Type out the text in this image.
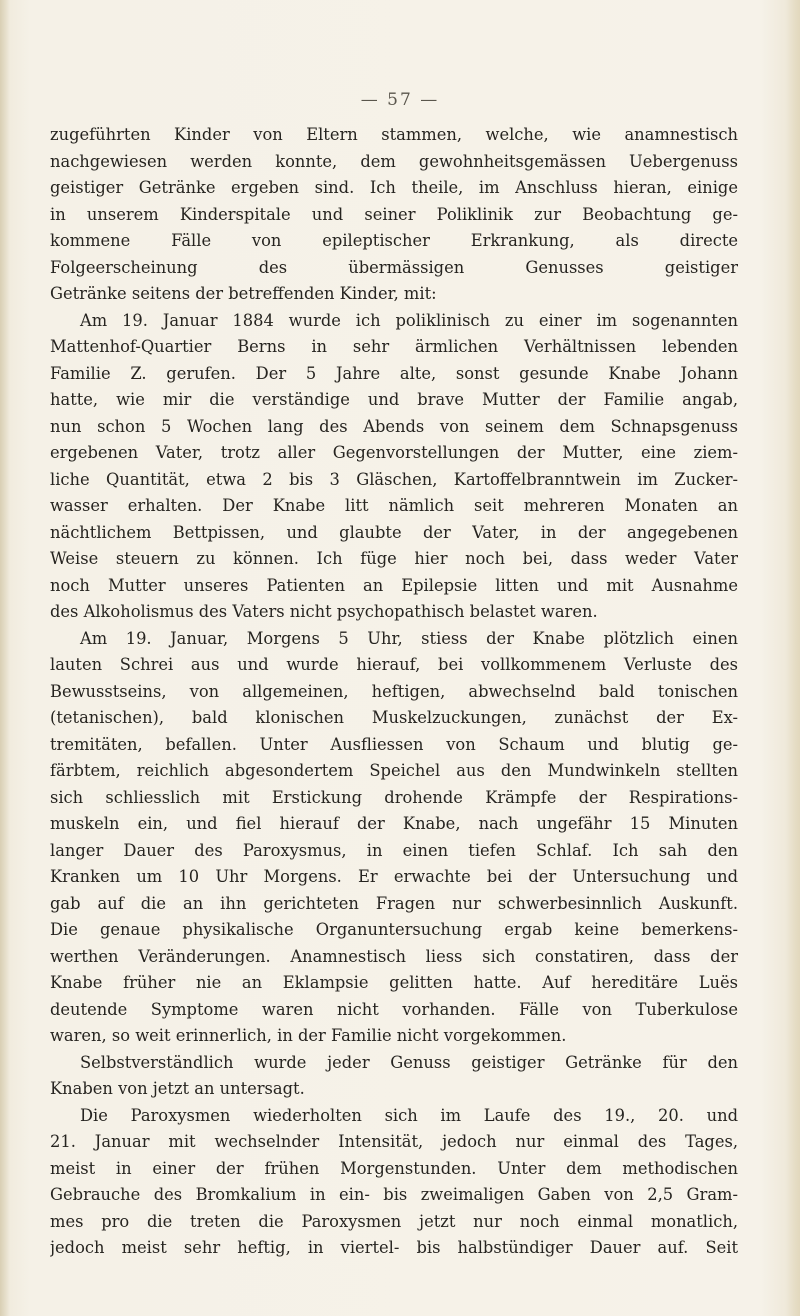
— 57 —
zugeführten Kinder von Eltern stammen, welche, wie anamnestisch
nachgewiesen werden konnte, dem gewohnheitsgemässen Uebergenuss
geistiger Getränke ergeben sind. Ich theile, im Anschluss hieran, einige
in unserem Kinderspitale und seiner Poliklinik zur Beobachtung ge-
kommene Fälle von epileptischer Erkrankung, als directe
Folgeerscheinung des übermässigen Genusses geistiger
Getränke seitens der betreffenden Kinder, mit:
Am 19. Januar 1884 wurde ich poliklinisch zu einer im sogenannten
Mattenhof-Quartier Berns in sehr ärmlichen Verhältnissen lebenden
Familie Z. gerufen. Der 5 Jahre alte, sonst gesunde Knabe Johann
hatte, wie mir die verständige und brave Mutter der Familie angab,
nun schon 5 Wochen lang des Abends von seinem dem Schnapsgenuss
ergebenen Vater, trotz aller Gegenvorstellungen der Mutter, eine ziem-
liche Quantität, etwa 2 bis 3 Gläschen, Kartoffelbranntwein im Zucker-
wasser erhalten. Der Knabe litt nämlich seit mehreren Monaten an
nächtlichem Bettpissen, und glaubte der Vater, in der angegebenen
Weise steuern zu können. Ich füge hier noch bei, dass weder Vater
noch Mutter unseres Patienten an Epilepsie litten und mit Ausnahme
des Alkoholismus des Vaters nicht psychopathisch belastet waren.
Am 19. Januar, Morgens 5 Uhr, stiess der Knabe plötzlich einen
lauten Schrei aus und wurde hierauf, bei vollkommenem Verluste des
Bewusstseins, von allgemeinen, heftigen, abwechselnd bald tonischen
(tetanischen), bald klonischen Muskelzuckungen, zunächst der Ex-
tremitäten, befallen. Unter Ausfliessen von Schaum und blutig ge-
färbtem, reichlich abgesondertem Speichel aus den Mundwinkeln stellten
sich schliesslich mit Erstickung drohende Krämpfe der Respirations-
muskeln ein, und fiel hierauf der Knabe, nach ungefähr 15 Minuten
langer Dauer des Paroxysmus, in einen tiefen Schlaf. Ich sah den
Kranken um 10 Uhr Morgens. Er erwachte bei der Untersuchung und
gab auf die an ihn gerichteten Fragen nur schwerbesinnlich Auskunft.
Die genaue physikalische Organuntersuchung ergab keine bemerkens-
werthen Veränderungen. Anamnestisch liess sich constatiren, dass der
Knabe früher nie an Eklampsie gelitten hatte. Auf hereditäre Luës
deutende Symptome waren nicht vorhanden. Fälle von Tuberkulose
waren, so weit erinnerlich, in der Familie nicht vorgekommen.
Selbstverständlich wurde jeder Genuss geistiger Getränke für den
Knaben von jetzt an untersagt.
Die Paroxysmen wiederholten sich im Laufe des 19., 20. und
21. Januar mit wechselnder Intensität, jedoch nur einmal des Tages,
meist in einer der frühen Morgenstunden. Unter dem methodischen
Gebrauche des Bromkalium in ein- bis zweimaligen Gaben von 2,5 Gram-
mes pro die treten die Paroxysmen jetzt nur noch einmal monatlich,
jedoch meist sehr heftig, in viertel- bis halbstündiger Dauer auf. Seit
